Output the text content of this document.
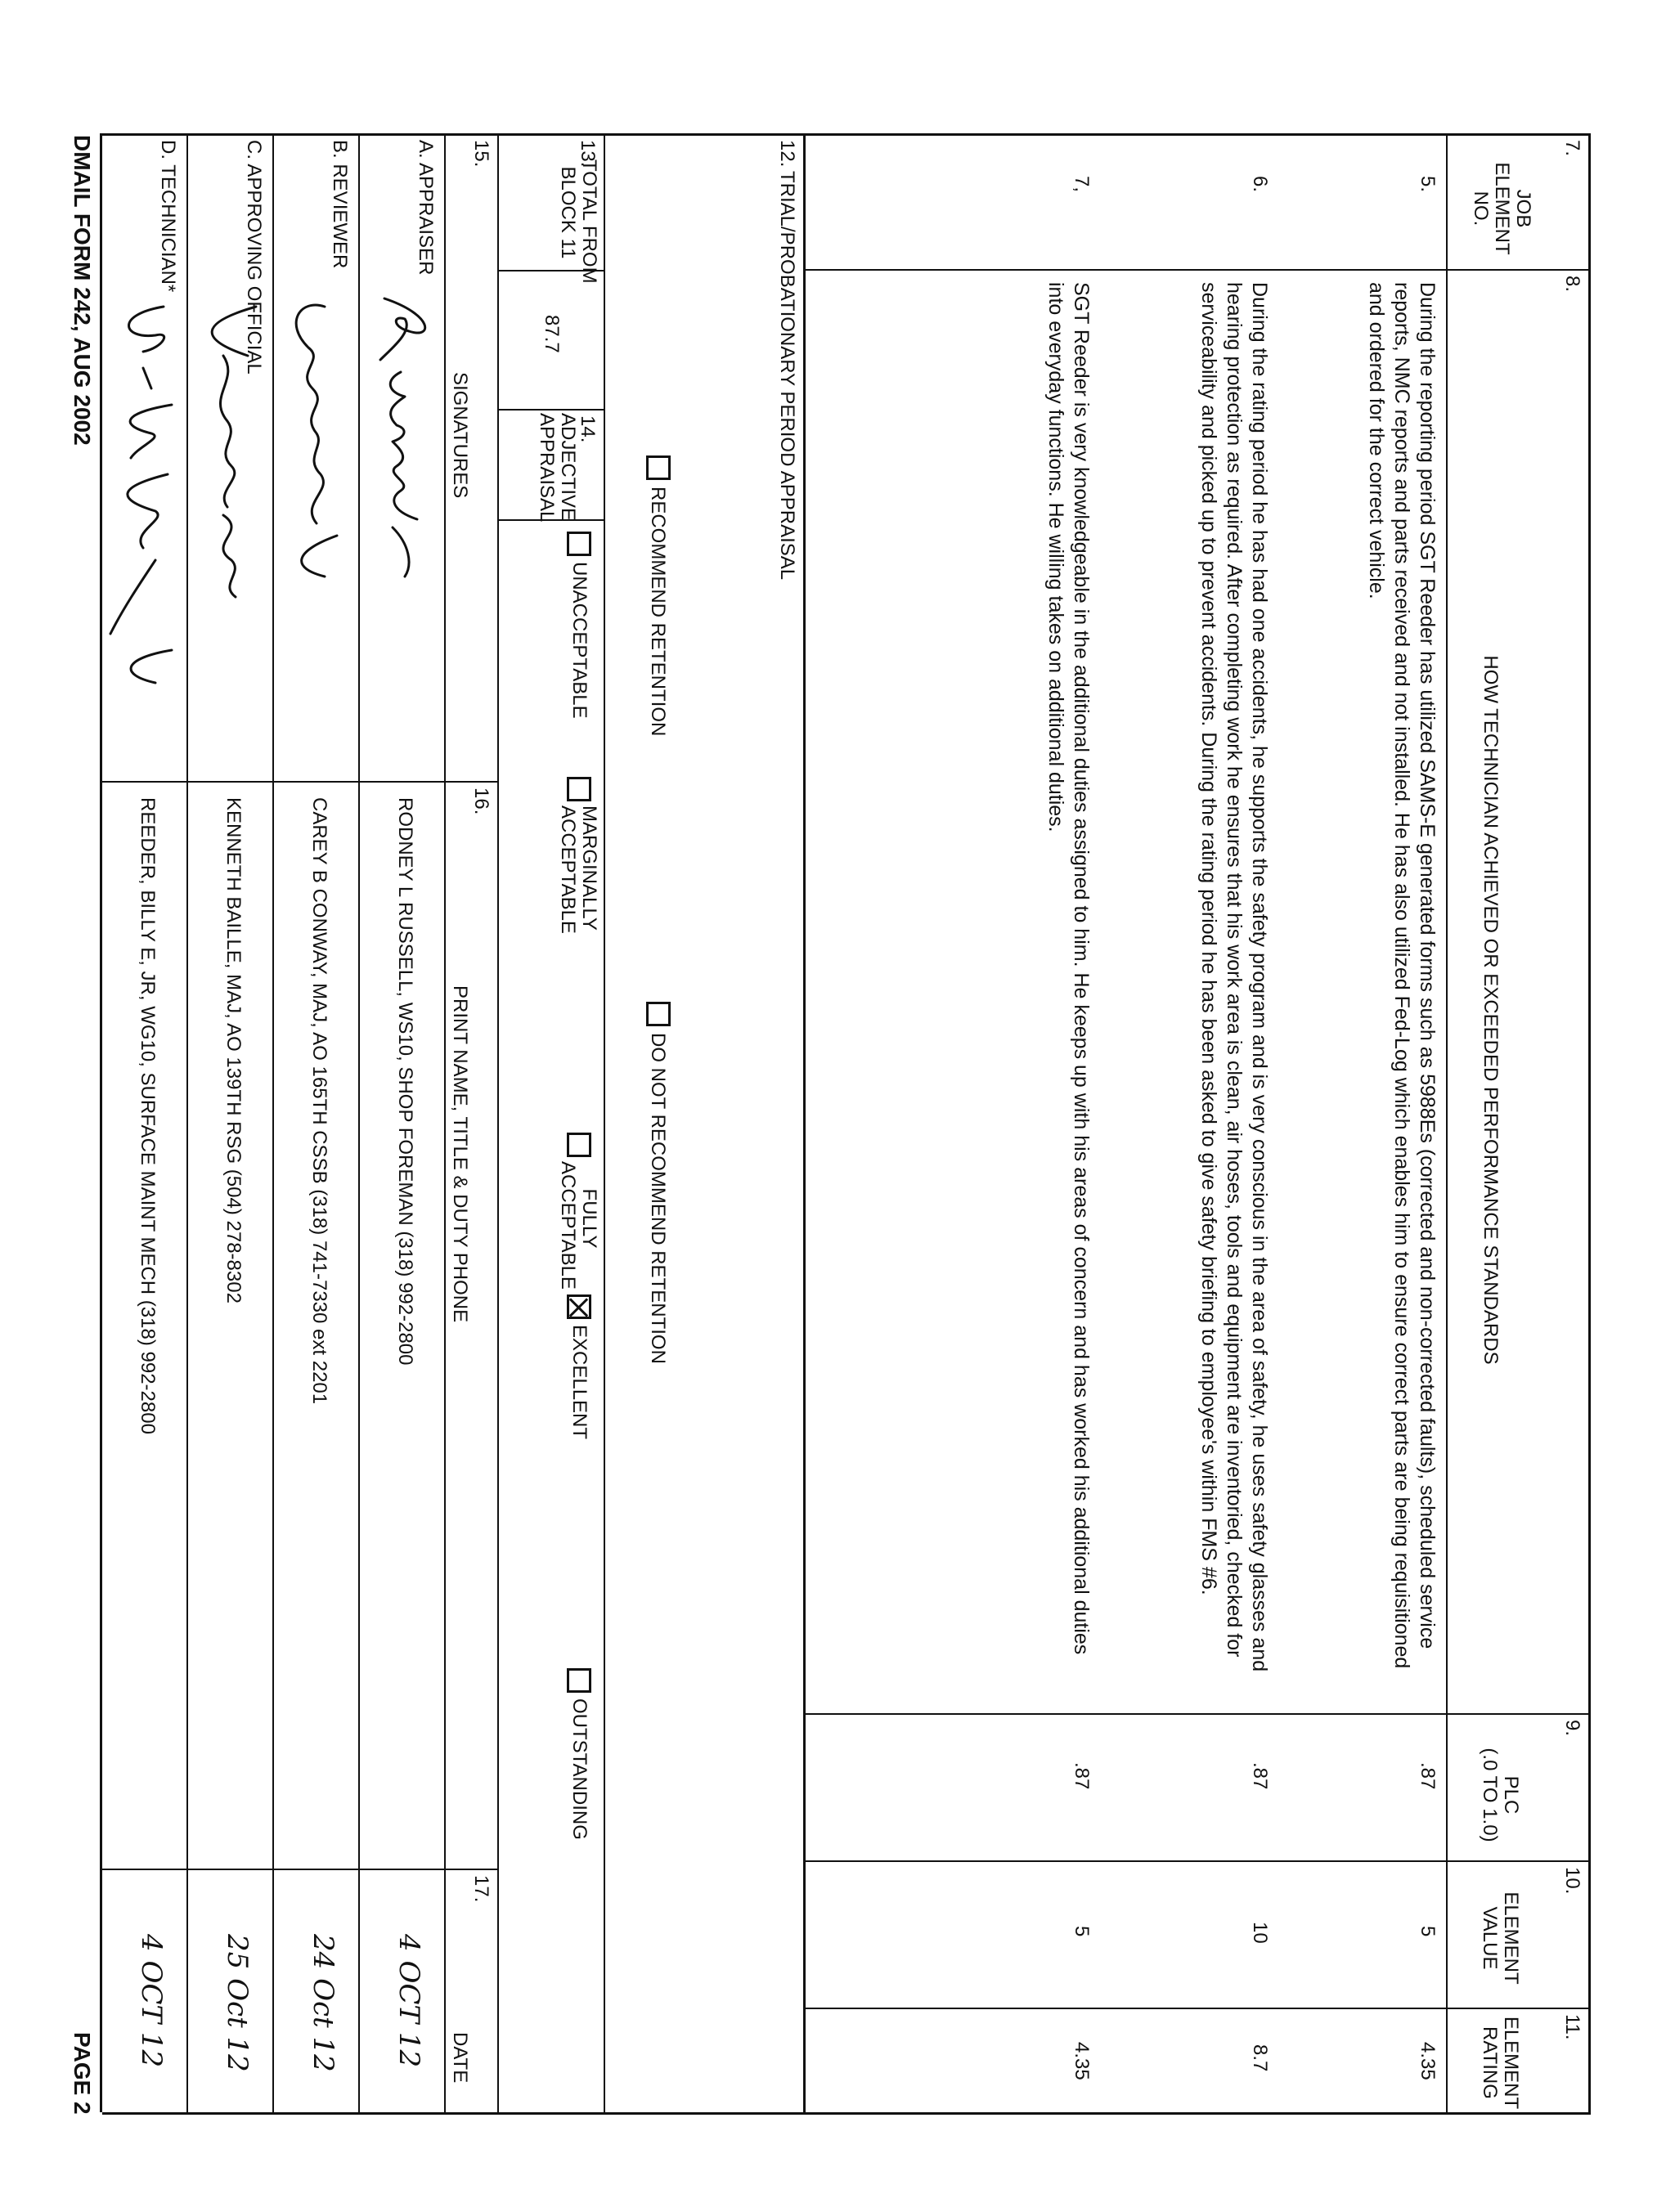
7.
JOB
ELEMENT
NO.
8.
HOW TECHNICIAN ACHIEVED OR EXCEEDED PERFORMANCE STANDARDS
9.
PLC
(.0 TO 1.0)
10.
ELEMENT
VALUE
11.
ELEMENT
RATING
5.
During the reporting period SGT Reeder has utilized SAMS-E generated forms such as 5988Es (corrected and non-corrected faults), scheduled service reports, NMC reports and parts received and not installed. He has also utilized Fed-Log which enables him to ensure correct parts are being requisitioned and ordered for the correct vehicle.
.87
5
4.35
6.
During the rating period he has had one accidents, he supports the safety program and is very conscious in the area of safety, he uses safety glasses and hearing protection as required. After completing work he ensures that his work area is clean, air hoses, tools and equipment are inventoried, checked for serviceability and picked up to prevent accidents. During the rating period he has been asked to give safety briefing to employee's within FMS #6.
.87
10
8.7
7,
SGT Reeder is very knowledgeable in the additional duties assigned to him. He keeps up with his areas of concern and has worked his additional duties into everyday functions. He willing takes on additional duties.
.87
5
4.35
12.
TRIAL/PROBATIONARY PERIOD APPRAISAL
RECOMMEND RETENTION
DO NOT RECOMMEND RETENTION
13.
TOTAL FROM
BLOCK 11
87.7
14.
ADJECTIVE
APPRAISAL
UNACCEPTABLE
MARGINALLY
ACCEPTABLE
FULLY
ACCEPTABLE
EXCELLENT
OUTSTANDING
15.
SIGNATURES
16.
PRINT NAME, TITLE & DUTY PHONE
17.
DATE
A. APPRAISER
RODNEY L RUSSELL, WS10, SHOP FOREMAN (318) 992-2800
4 OCT 12
B. REVIEWER
CAREY B CONWAY, MAJ, AO 165TH CSSB (318) 741-7330 ext 2201
24 Oct 12
C. APPROVING OFFICIAL
KENNETH BAILLE, MAJ, AO 139TH RSG (504) 278-8302
25 Oct 12
D. TECHNICIAN*
REEDER, BILLY E, JR, WG10, SURFACE MAINT MECH (318) 992-2800
4 OCT 12
DMAIL FORM 242, AUG 2002
PAGE 2
